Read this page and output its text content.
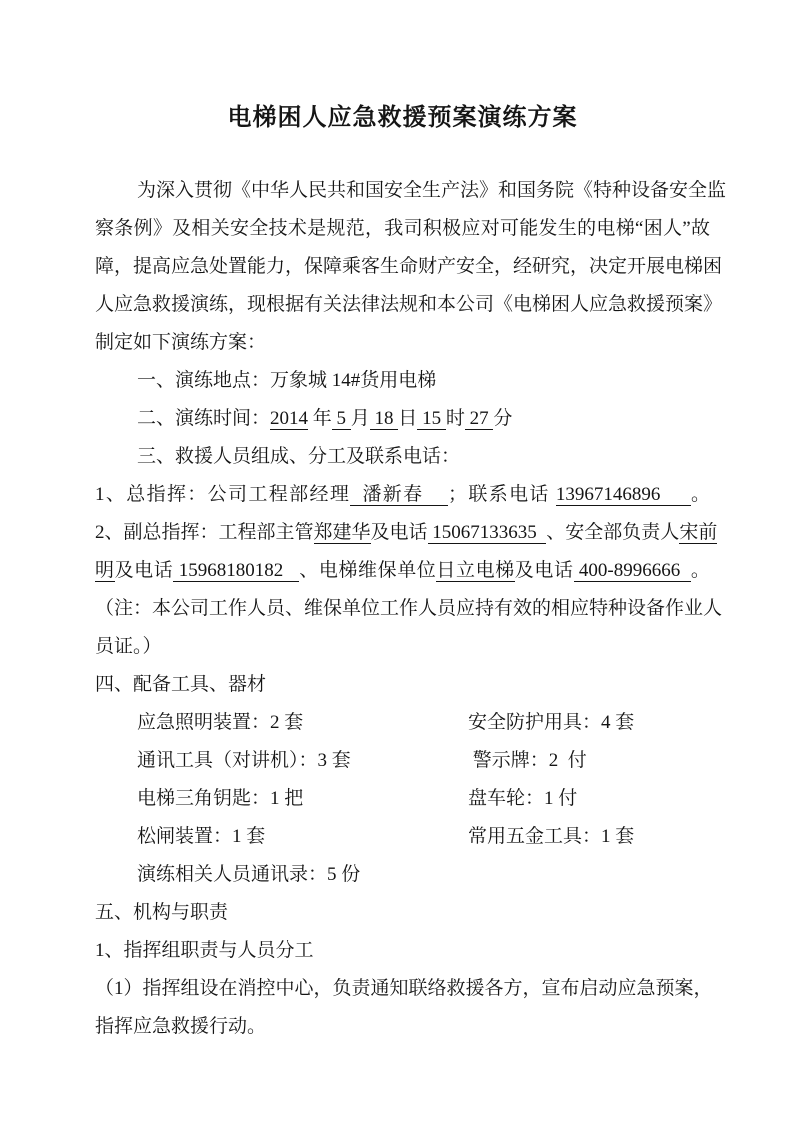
电梯困人应急救援预案演练方案
为深入贯彻《中华人民共和国安全生产法》和国务院《特种设备安全监
察条例》及相关安全技术是规范，我司积极应对可能发生的电梯“困人”故
障，提高应急处置能力，保障乘客生命财产安全，经研究，决定开展电梯困
人应急救援演练，现根据有关法律法规和本公司《电梯困人应急救援预案》
制定如下演练方案：
一、演练地点：万象城 14#货用电梯
二、演练时间：2014 年 5 月 18 日 15 时 27 分
三、救援人员组成、分工及联系电话：
1、总指挥：公司工程部经理  潘新春    ；联系电话 13967146896     。
2、副总指挥：工程部主管郑建华及电话 15067133635  、安全部负责人宋前
明及电话 15968180182   、电梯维保单位日立电梯及电话 400-8996666  。
（注：本公司工作人员、维保单位工作人员应持有效的相应特种设备作业人
员证。）
四、配备工具、器材
应急照明装置：2 套	安全防护用具：4 套
通讯工具（对讲机）：3 套	警示牌：2  付
电梯三角钥匙：1 把	盘车轮：1 付
松闸装置：1 套	常用五金工具：1 套
演练相关人员通讯录：5 份
五、机构与职责
1、指挥组职责与人员分工
（1）指挥组设在消控中心，负责通知联络救援各方，宣布启动应急预案，
指挥应急救援行动。
